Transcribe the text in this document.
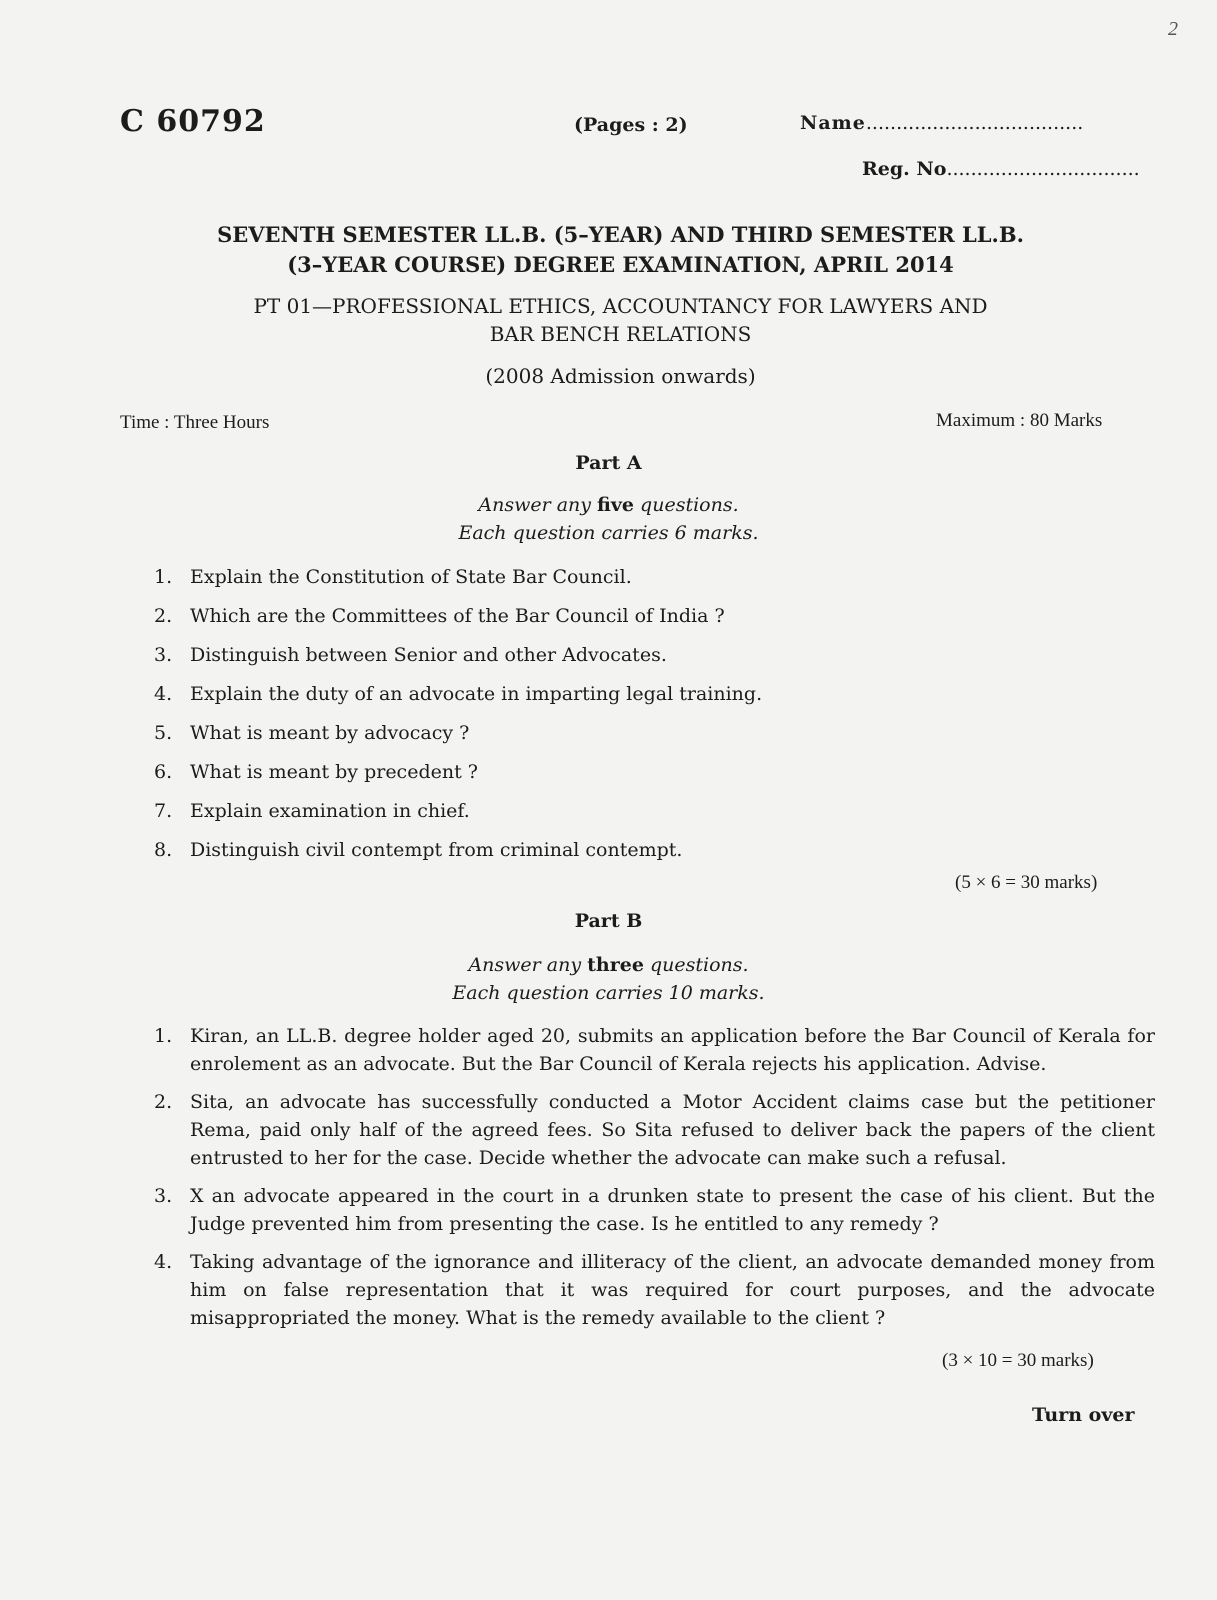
2
C 60792	(Pages : 2)	Name....................................
Reg. No................................
SEVENTH SEMESTER LL.B. (5–YEAR) AND THIRD SEMESTER LL.B.
(3–YEAR COURSE) DEGREE EXAMINATION, APRIL 2014
PT 01—PROFESSIONAL ETHICS, ACCOUNTANCY FOR LAWYERS AND
BAR BENCH RELATIONS
(2008 Admission onwards)
Time : Three Hours	Maximum : 80 Marks
Part A
Answer any five questions.
Each question carries 6 marks.
1. Explain the Constitution of State Bar Council.
2. Which are the Committees of the Bar Council of India ?
3. Distinguish between Senior and other Advocates.
4. Explain the duty of an advocate in imparting legal training.
5. What is meant by advocacy ?
6. What is meant by precedent ?
7. Explain examination in chief.
8. Distinguish civil contempt from criminal contempt.
(5 × 6 = 30 marks)
Part B
Answer any three questions.
Each question carries 10 marks.
1. Kiran, an LL.B. degree holder aged 20, submits an application before the Bar Council of Kerala for enrolement as an advocate. But the Bar Council of Kerala rejects his application. Advise.
2. Sita, an advocate has successfully conducted a Motor Accident claims case but the petitioner Rema, paid only half of the agreed fees. So Sita refused to deliver back the papers of the client entrusted to her for the case. Decide whether the advocate can make such a refusal.
3. X an advocate appeared in the court in a drunken state to present the case of his client. But the Judge prevented him from presenting the case. Is he entitled to any remedy ?
4. Taking advantage of the ignorance and illiteracy of the client, an advocate demanded money from him on false representation that it was required for court purposes, and the advocate misappropriated the money. What is the remedy available to the client ?
(3 × 10 = 30 marks)
Turn over
